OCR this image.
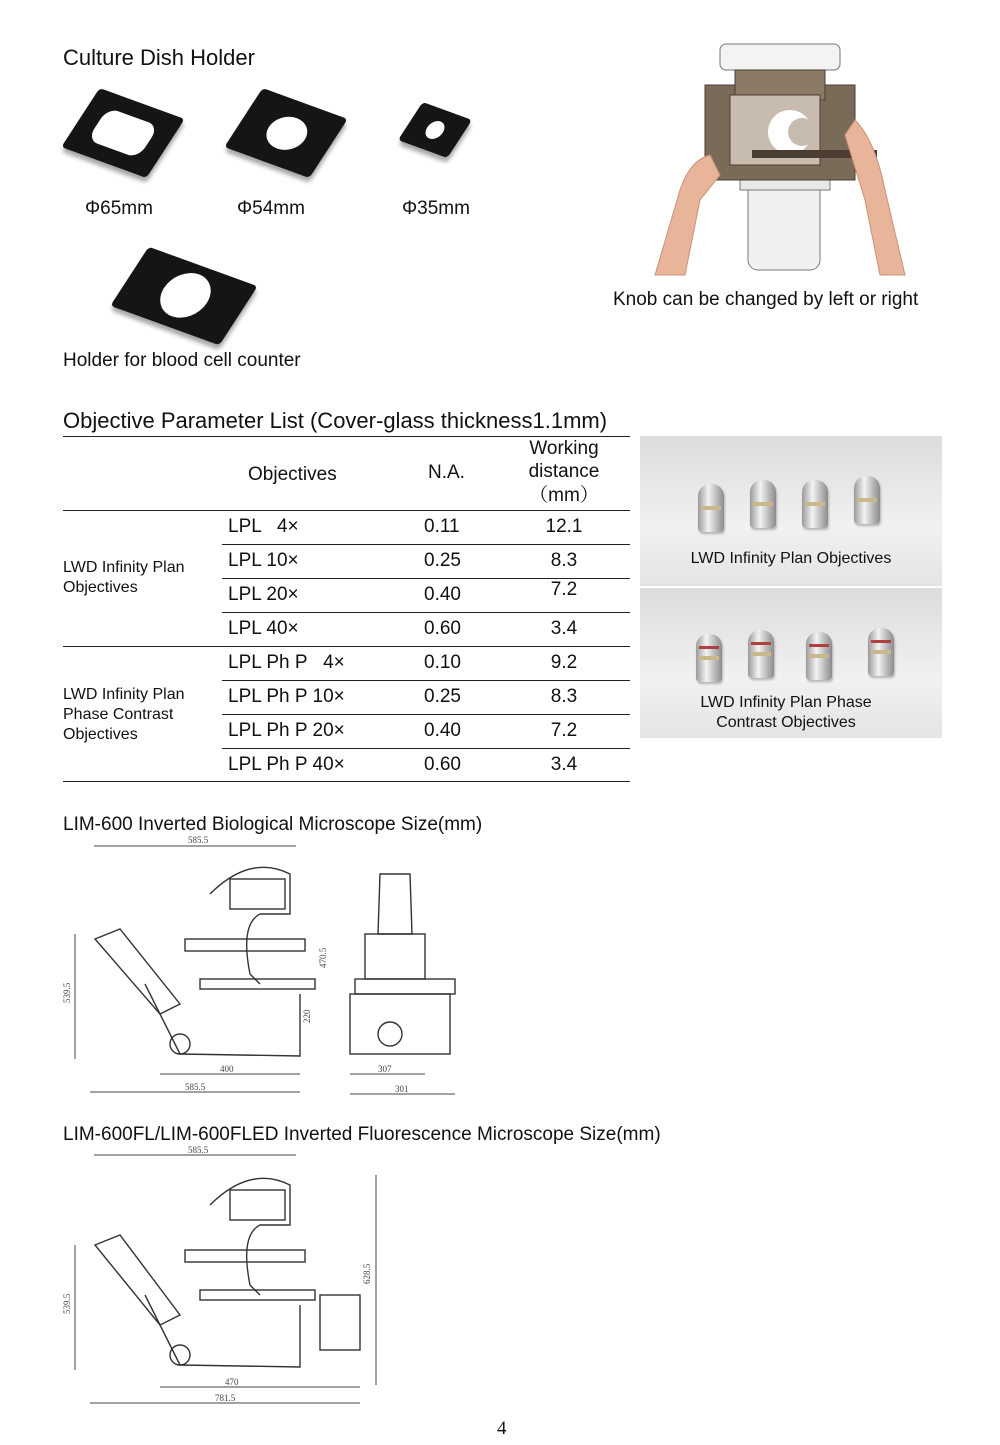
Culture Dish Holder
Φ65mm	Φ54mm	Φ35mm
Holder for blood cell counter
Knob can be changed by left or right
Objective Parameter List (Cover-glass thickness1.1mm)
Objectives	N.A.
Working
distance
（mm）
LWD Infinity Plan
Objectives
LPL   4×	0.11	12.1
LPL 10×	0.25	8.3
LPL 20×	0.40	7.2
LPL 40×	0.60	3.4
LWD Infinity Plan
Phase Contrast
Objectives
LPL Ph P   4×	0.10	9.2
LPL Ph P 10×	0.25	8.3
LPL Ph P 20×	0.40	7.2
LPL Ph P 40×	0.60	3.4
LWD Infinity Plan Objectives
LWD Infinity Plan Phase
Contrast Objectives
LIM-600 Inverted Biological Microscope Size(mm)
585.5
400
585.5
539.5
220
307
301
470.5
LIM-600FL/LIM-600FLED Inverted Fluorescence Microscope Size(mm)
585.5
628.5
539.5
470
781.5
4
